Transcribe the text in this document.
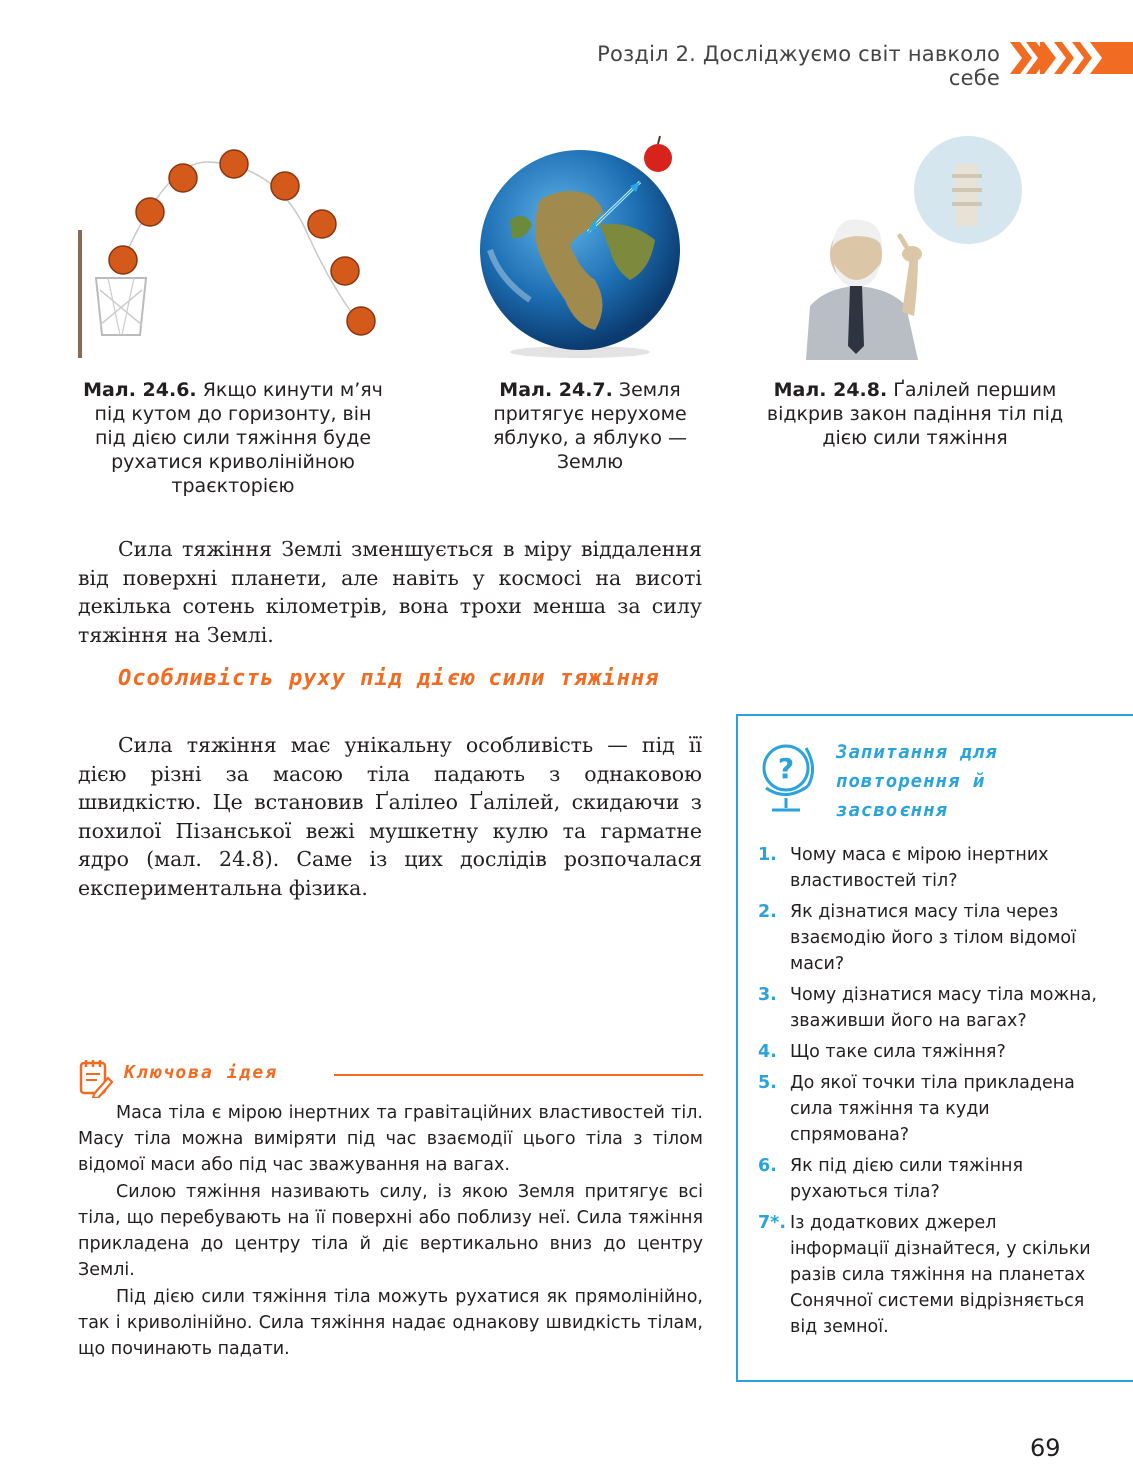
Розділ 2. Досліджуємо світ навколо себе
Мал. 24.6. Якщо кинути м’яч під кутом до горизонту, він під дією сили тяжіння буде рухатися криволінійною траєкторією
Мал. 24.7. Земля притягує нерухоме яблуко, а яблуко — Землю
Мал. 24.8. Ґалілей першим відкрив закон падіння тіл під дією сили тяжіння

Сила тяжіння Землі зменшується в міру віддалення від поверхні планети, але навіть у космосі на висоті декілька сотень кілометрів, вона трохи менша за силу тяжіння на Землі.

Особливість руху під дією сили тяжіння

Сила тяжіння має унікальну особливість — під її дією різні за масою тіла падають з однаковою швидкістю. Це встановив Ґалілео Ґалілей, скидаючи з похилої Пізанської вежі мушкетну кулю та гарматне ядро (мал. 24.8). Саме із цих дослідів розпочалася експериментальна фізика.

Ключова ідея

Маса тіла є мірою інертних та гравітаційних властивостей тіл. Масу тіла можна виміряти під час взаємодії цього тіла з тілом відомої маси або під час зважування на вагах.

Силою тяжіння називають силу, із якою Земля притягує всі тіла, що перебувають на її поверхні або поблизу неї. Сила тяжіння прикладена до центру тіла й діє вертикально вниз до центру Землі.

Під дією сили тяжіння тіла можуть рухатися як прямолінійно, так і криволінійно. Сила тяжіння надає однакову швидкість тілам, що починають падати.

? Запитання для повторення й засвоєння
1. Чому маса є мірою інертних властивостей тіл?
2. Як дізнатися масу тіла через взаємодію його з тілом відомої маси?
3. Чому дізнатися масу тіла можна, зваживши його на вагах?
4. Що таке сила тяжіння?
5. До якої точки тіла прикладена сила тяжіння та куди спрямована?
6. Як під дією сили тяжіння рухаються тіла?
7*. Із додаткових джерел інформації дізнайтеся, у скільки разів сила тяжіння на планетах Сонячної системи відрізняється від земної.
69
